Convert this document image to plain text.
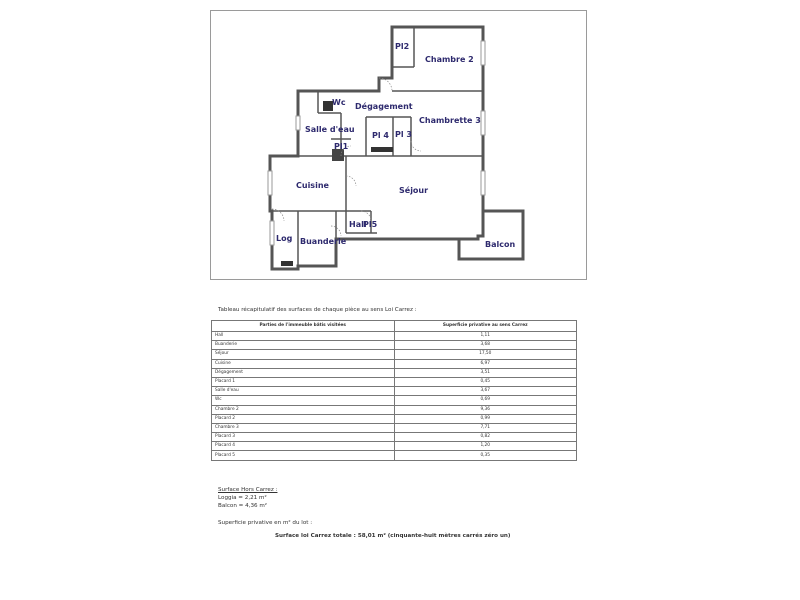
Chambre 2
Pl2
Wc Dégagement
Salle d'eau
Pl 4 Pl 3
Chambrette 3
Pl1
Cuisine
Séjour
Hall
Pl5
Log Buanderie	Balcon
Tableau récapitulatif des surfaces de chaque pièce au sens Loi Carrez :
Parties de l'immeuble bâtis visitées	Superficie privative au sens Carrez
Hall	1,11
Buanderie	3,68
Séjour	17,50
Cuisine	6,97
Dégagement	3,51
Placard 1	0,45
Salle d'eau	3,67
Wc	0,69
Chambre 2	9,36
Placard 2	0,99
Chambre 3	7,71
Placard 3	0,82
Placard 4	1,20
Placard 5	0,35
Surface Hors Carrez :
Loggia = 2,21 m²
Balcon = 4,36 m²
Superficie privative en m² du lot :
Surface loi Carrez totale : 58,01 m² (cinquante-huit mètres carrés zéro un)
